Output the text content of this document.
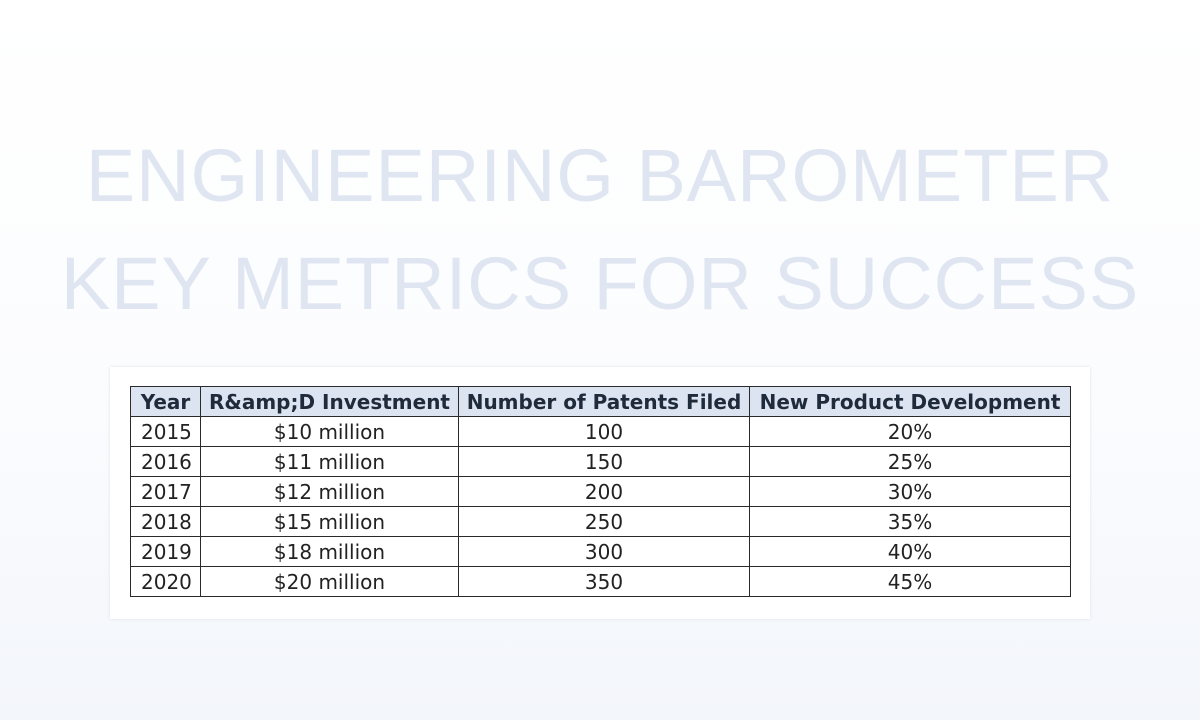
ENGINEERING BAROMETER
KEY METRICS FOR SUCCESS
Year	R&amp;D Investment	Number of Patents Filed	New Product Development
2015	$10 million	100	20%
2016	$11 million	150	25%
2017	$12 million	200	30%
2018	$15 million	250	35%
2019	$18 million	300	40%
2020	$20 million	350	45%
